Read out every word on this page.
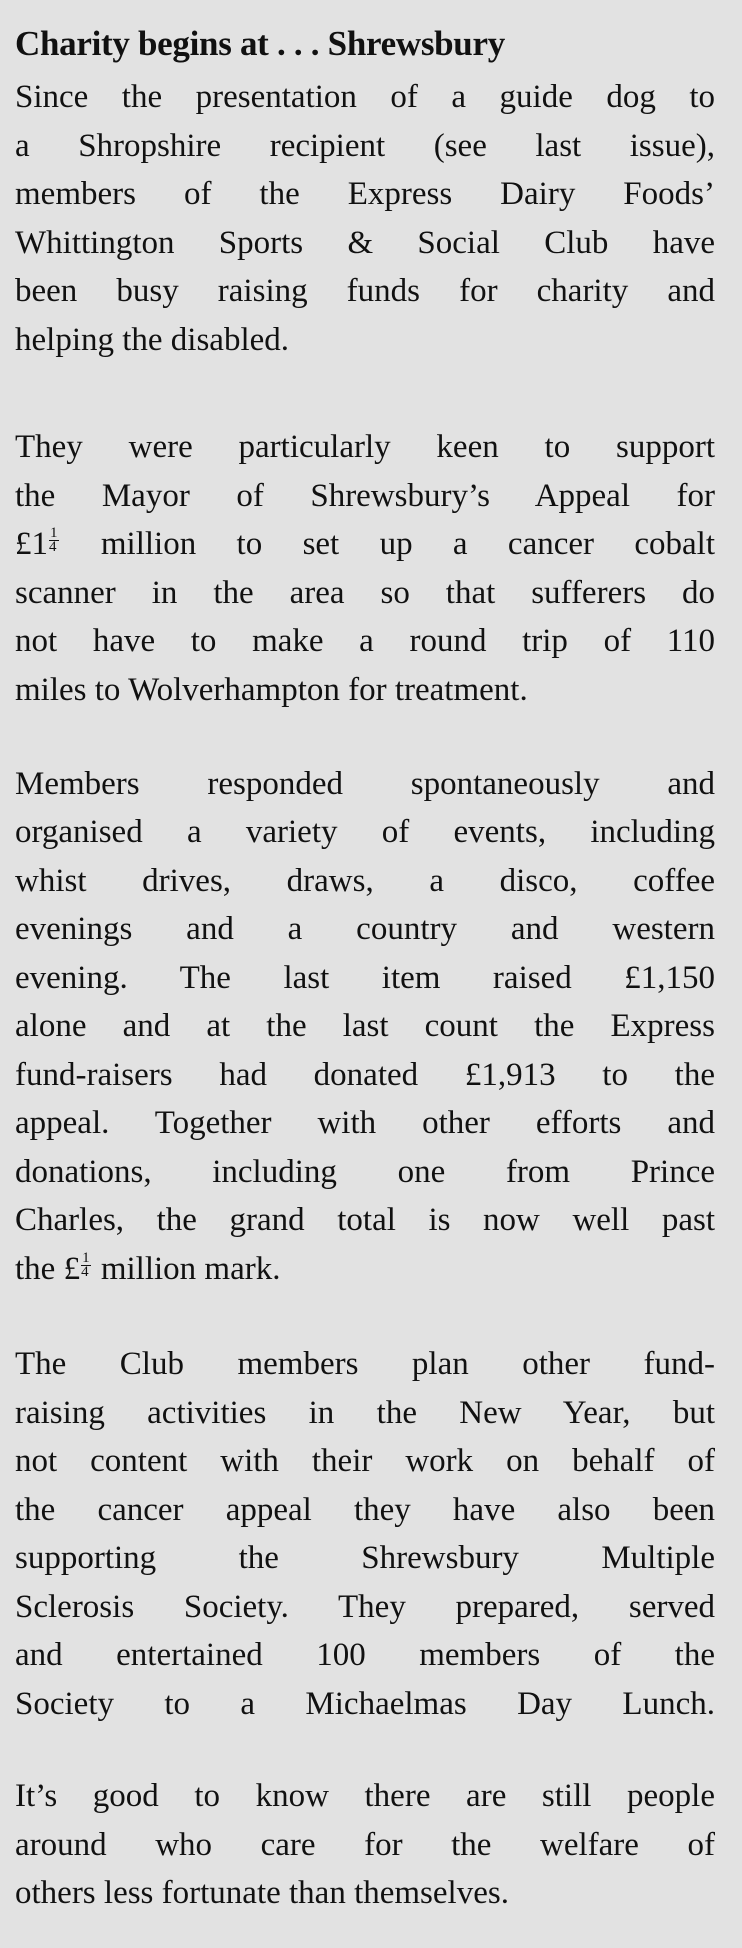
Charity begins at . . . Shrewsbury
Since the presentation of a guide dog to
a Shropshire recipient (see last issue),
members of the Express Dairy Foods’
Whittington Sports & Social Club have
been busy raising funds for charity and
helping the disabled.
They were particularly keen to support
the Mayor of Shrewsbury’s Appeal for
£1 $\frac{1}{4}$ million to set up a cancer cobalt
scanner in the area so that sufferers do
not have to make a round trip of 110
miles to Wolverhampton for treatment.
Members responded spontaneously and
organised a variety of events, including
whist drives, draws, a disco, coffee
evenings and a country and western
evening. The last item raised £1,150
alone and at the last count the Express
fund-raisers had donated £1,913 to the
appeal. Together with other efforts and
donations, including one from Prince
Charles, the grand total is now well past
the £ $\frac{1}{4}$ million mark.
The Club members plan other fund-
raising activities in the New Year, but
not content with their work on behalf of
the cancer appeal they have also been
supporting the Shrewsbury Multiple
Sclerosis Society. They prepared, served
and entertained 100 members of the
Society to a Michaelmas Day Lunch.
It’s good to know there are still people
around who care for the welfare of
others less fortunate than themselves.
